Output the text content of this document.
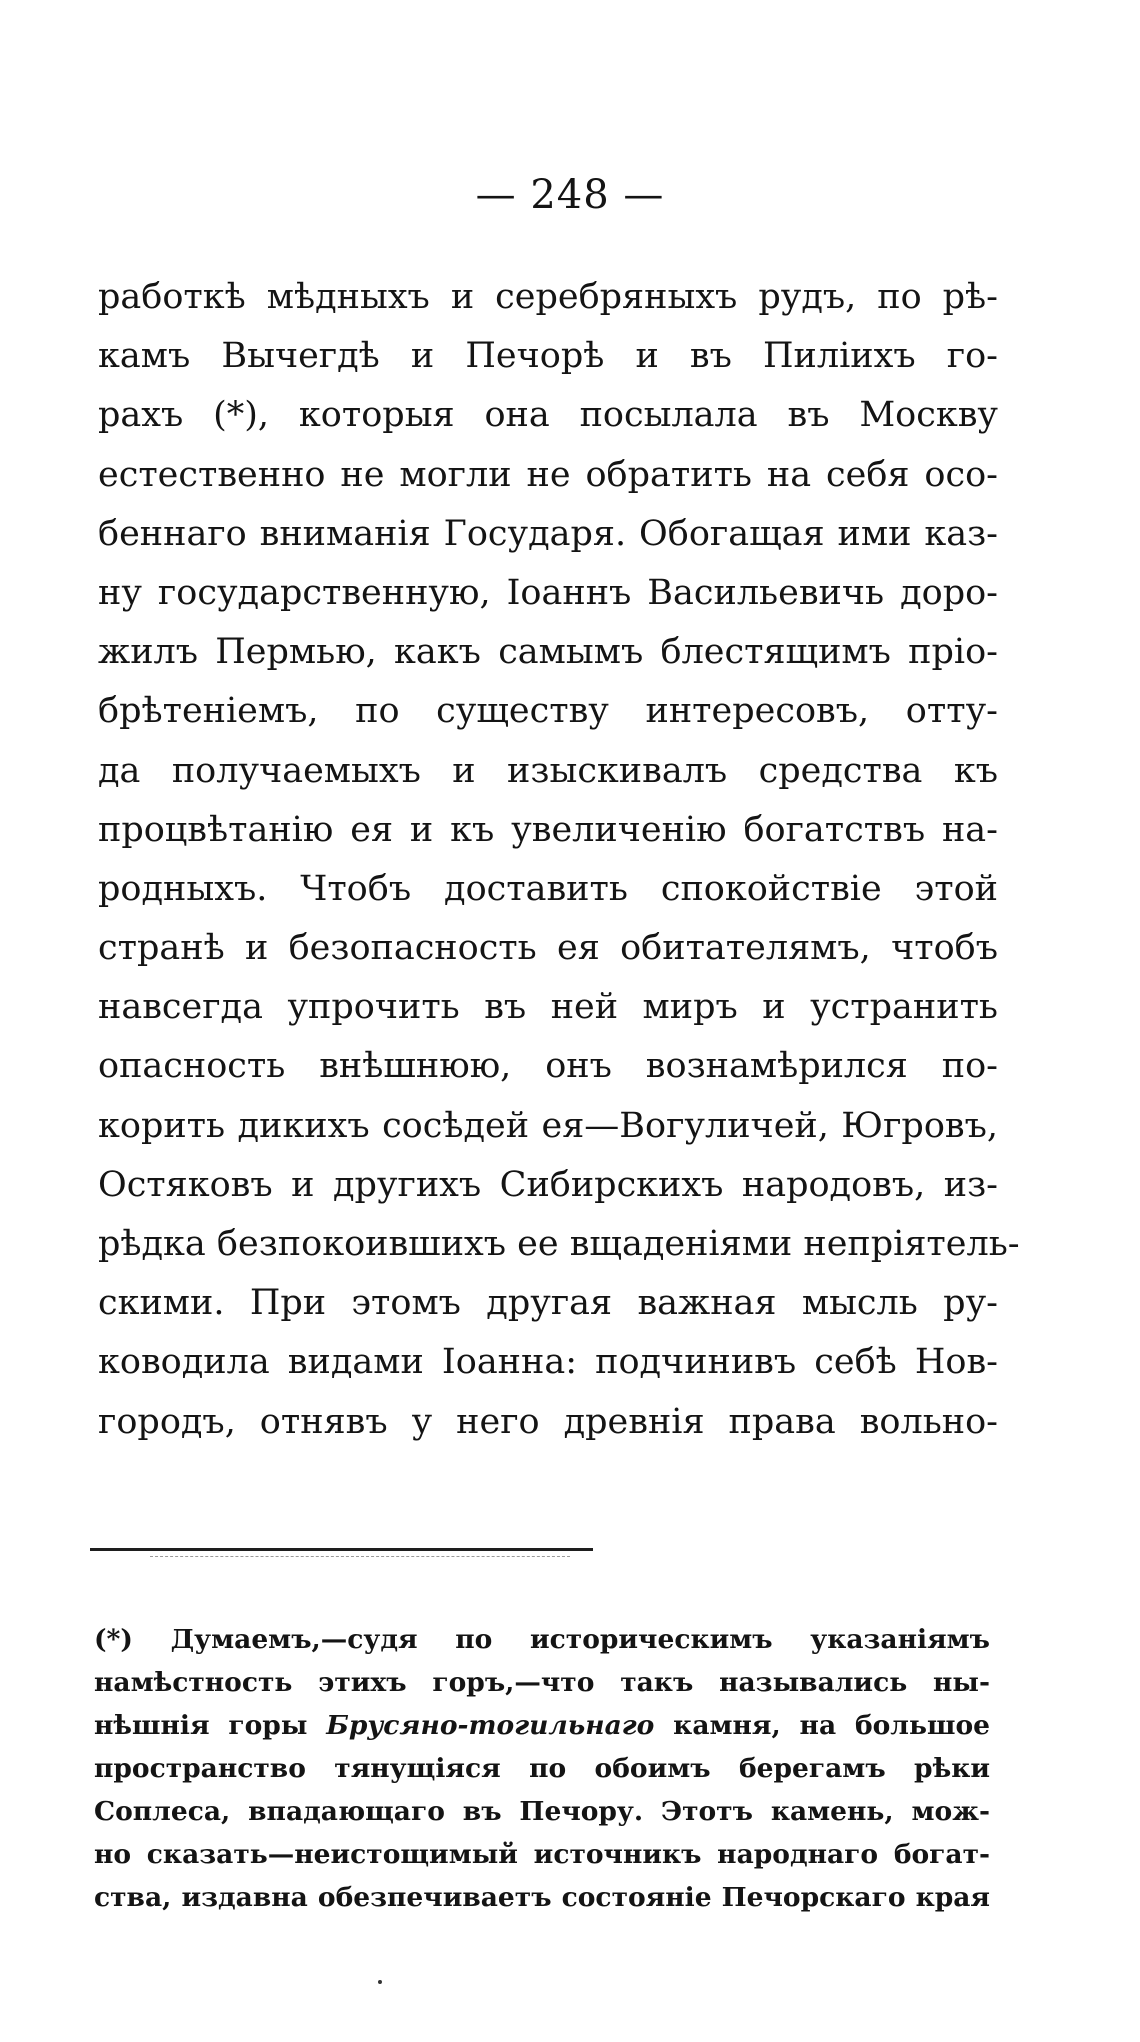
— 248 —
работкѣ мѣдныхъ и серебряныхъ рудъ, по рѣ-
камъ Вычегдѣ и Печорѣ и въ Пиліихъ го-
рахъ (*), которыя она посылала въ Москву
естественно не могли не обратить на себя осо-
беннаго вниманія Государя. Обогащая ими каз-
ну государственную, Іоаннъ Васильевичь доро-
жилъ Пермью, какъ самымъ блестящимъ пріо-
брѣтеніемъ, по существу интересовъ, отту-
да получаемыхъ и изыскивалъ средства къ
процвѣтанію ея и къ увеличенію богатствъ на-
родныхъ. Чтобъ доставить спокойствіе этой
странѣ и безопасность ея обитателямъ, чтобъ
навсегда упрочить въ ней миръ и устранить
опасность внѣшнюю, онъ вознамѣрился по-
корить дикихъ сосѣдей ея—Вогуличей, Югровъ,
Остяковъ и другихъ Сибирскихъ народовъ, из-
рѣдка безпокоившихъ ее вщаденіями непріятель-
скими. При этомъ другая важная мысль ру-
ководила видами Іоанна: подчинивъ себѣ Нов-
городъ, отнявъ у него древнія права вольно-
(*) Думаемъ,—судя по историческимъ указаніямъ
намѣстность этихъ горъ,—что такъ назывались ны-
нѣшнія горы Брусяно-тогильнаго камня, на большое
пространство тянущіяся по обоимъ берегамъ рѣки
Соплеса, впадающаго въ Печору. Этотъ камень, мож-
но сказать—неистощимый источникъ народнаго богат-
ства, издавна обезпечиваетъ состояніе Печорскаго края
